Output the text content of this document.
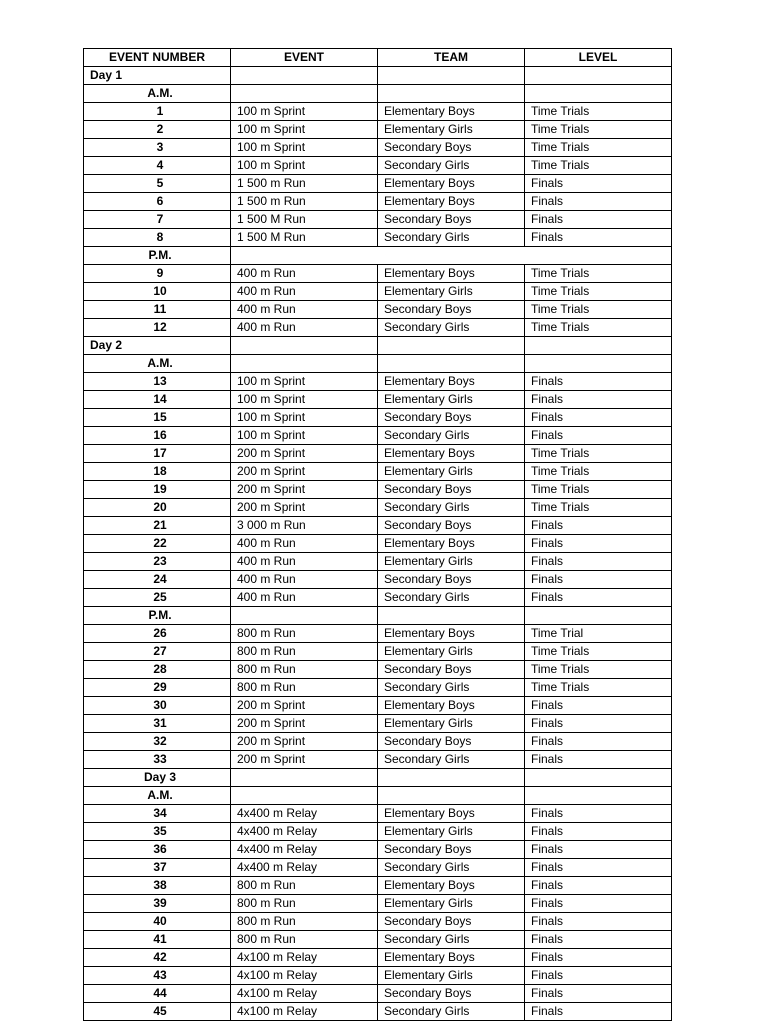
EVENT NUMBER	EVENT	TEAM	LEVEL
Day 1			
A.M.			
1	100 m Sprint	Elementary Boys	Time Trials
2	100 m Sprint	Elementary Girls	Time Trials
3	100 m Sprint	Secondary Boys	Time Trials
4	100 m Sprint	Secondary Girls	Time Trials
5	1 500 m Run	Elementary Boys	Finals
6	1 500 m Run	Elementary Boys	Finals
7	1 500 M Run	Secondary Boys	Finals
8	1 500 M Run	Secondary Girls	Finals
P.M.			
9	400 m Run	Elementary Boys	Time Trials
10	400 m Run	Elementary Girls	Time Trials
11	400 m Run	Secondary Boys	Time Trials
12	400 m Run	Secondary Girls	Time Trials
Day 2			
A.M.			
13	100 m Sprint	Elementary Boys	Finals
14	100 m Sprint	Elementary Girls	Finals
15	100 m Sprint	Secondary Boys	Finals
16	100 m Sprint	Secondary Girls	Finals
17	200 m Sprint	Elementary Boys	Time Trials
18	200 m Sprint	Elementary Girls	Time Trials
19	200 m Sprint	Secondary Boys	Time Trials
20	200 m Sprint	Secondary Girls	Time Trials
21	3 000 m Run	Secondary Boys	Finals
22	400 m Run	Elementary Boys	Finals
23	400 m Run	Elementary Girls	Finals
24	400 m Run	Secondary Boys	Finals
25	400 m Run	Secondary Girls	Finals
P.M.			
26	800 m Run	Elementary Boys	Time Trial
27	800 m Run	Elementary Girls	Time Trials
28	800 m Run	Secondary Boys	Time Trials
29	800 m Run	Secondary Girls	Time Trials
30	200 m Sprint	Elementary Boys	Finals
31	200 m Sprint	Elementary Girls	Finals
32	200 m Sprint	Secondary Boys	Finals
33	200 m Sprint	Secondary Girls	Finals
Day 3			
A.M.			
34	4x400 m Relay	Elementary Boys	Finals
35	4x400 m Relay	Elementary Girls	Finals
36	4x400 m Relay	Secondary Boys	Finals
37	4x400 m Relay	Secondary Girls	Finals
38	800 m Run	Elementary Boys	Finals
39	800 m Run	Elementary Girls	Finals
40	800 m Run	Secondary Boys	Finals
41	800 m Run	Secondary Girls	Finals
42	4x100 m Relay	Elementary Boys	Finals
43	4x100 m Relay	Elementary Girls	Finals
44	4x100 m Relay	Secondary Boys	Finals
45	4x100 m Relay	Secondary Girls	Finals
